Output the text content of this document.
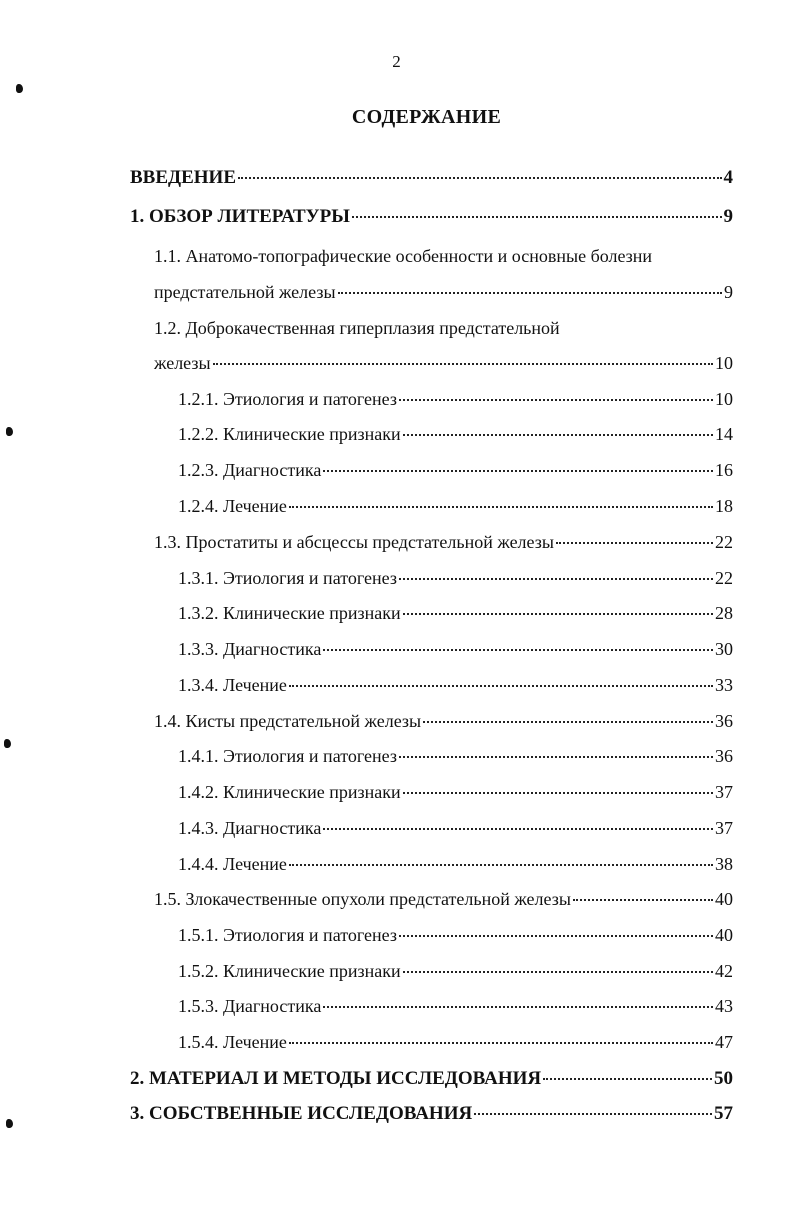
2
СОДЕРЖАНИЕ
ВВЕДЕНИЕ	4
1. ОБЗОР ЛИТЕРАТУРЫ	9
1.1. Анатомо-топографические особенности и основные болезни
предстательной железы	9
1.2. Доброкачественная гиперплазия предстательной
железы	10
1.2.1. Этиология и патогенез	10
1.2.2. Клинические признаки	14
1.2.3. Диагностика	16
1.2.4. Лечение	18
1.3. Простатиты и абсцессы предстательной железы	22
1.3.1. Этиология и патогенез	22
1.3.2. Клинические признаки	28
1.3.3. Диагностика	30
1.3.4. Лечение	33
1.4. Кисты предстательной железы	36
1.4.1. Этиология и патогенез	36
1.4.2. Клинические признаки	37
1.4.3. Диагностика	37
1.4.4. Лечение	38
1.5. Злокачественные опухоли предстательной железы	40
1.5.1. Этиология и патогенез	40
1.5.2. Клинические признаки	42
1.5.3. Диагностика	43
1.5.4. Лечение	47
2. МАТЕРИАЛ И МЕТОДЫ ИССЛЕДОВАНИЯ	50
3. СОБСТВЕННЫЕ ИССЛЕДОВАНИЯ	57
